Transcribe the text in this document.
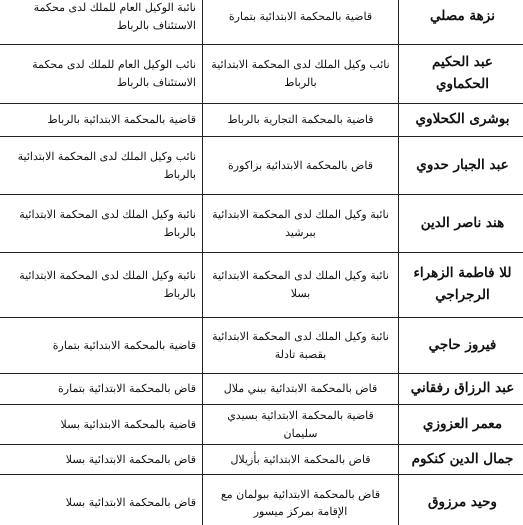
نزهة مصلي	قاضية بالمحكمة الابتدائية بتمارة	نائبة الوكيل العام للملك لدى محكمة الاستئناف بالرباط
عبد الحكيم الحكماوي	نائب وكيل الملك لدى المحكمة الابتدائية بالرباط	نائب الوكيل العام للملك لدى محكمة الاستئناف بالرباط
بوشرى الكحلاوي	قاضية بالمحكمة التجارية بالرباط	قاضية بالمحكمة الابتدائية بالرباط
عبد الجبار حدوي	قاض بالمحكمة الابتدائية بزاكورة	نائب وكيل الملك لدى المحكمة الابتدائية بالرباط
هند ناصر الدين	نائبة وكيل الملك لدى المحكمة الابتدائية ببرشيد	نائبة وكيل الملك لدى المحكمة الابتدائية بالرباط
للا فاطمة الزهراء الرجراجي	نائبة وكيل الملك لدى المحكمة الابتدائية بسلا	نائبة وكيل الملك لدى المحكمة الابتدائية بالرباط
فيروز حاجي	نائبة وكيل الملك لدى المحكمة الابتدائية بقصبة تادلة	قاضية بالمحكمة الابتدائية بتمارة
عبد الرزاق رفقاني	قاض بالمحكمة الابتدائية ببني ملال	قاض بالمحكمة الابتدائية بتمارة
معمر العزوزي	قاضية بالمحكمة الابتدائية بسيدي سليمان	قاضية بالمحكمة الابتدائية بسلا
جمال الدين كنكوم	قاض بالمحكمة الابتدائية بأزيلال	قاض بالمحكمة الابتدائية بسلا
وحيد مرزوق	قاض بالمحكمة الابتدائية ببولمان مع الإقامة بمركز ميسور	قاض بالمحكمة الابتدائية بسلا
